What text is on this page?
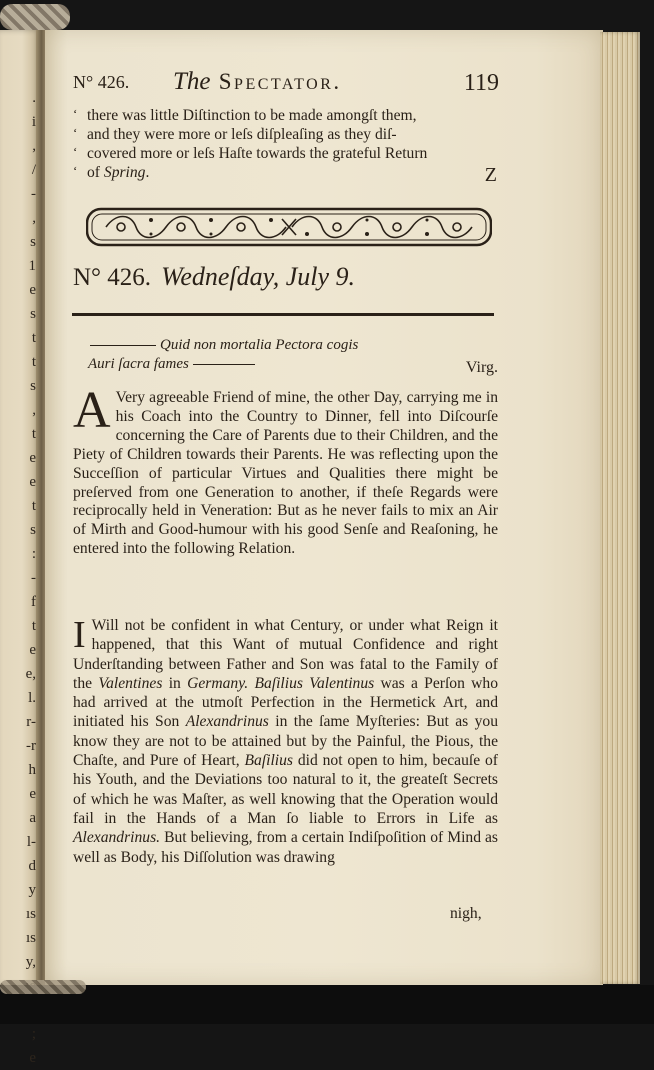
.
i
,
/
-
,
s
1
e
s
t
t
s
,
t
e
e
t
s
:
-
f
t
e
e,
l.
r-
-r
h
e
a
l-
d
y
ıs
ıs
y,
;
e
N° 426. The Spectator.	119
‘ there was little Diſtinction to be made amongſt them,
‘ and they were more or leſs diſpleaſing as they diſ-
‘ covered more or leſs Haſte towards the grateful Return
‘ of Spring.	Z
N° 426. Wedneſday, July 9.
Quid non mortalia Pectora cogis
Auri ſacra fames	Virg.
A Very agreeable Friend of mine, the other Day, carrying me in his Coach into the Country to Dinner, fell into Diſcourſe concerning the Care of Parents due to their Children, and the Piety of Children towards their Parents. He was reflecting upon the Succeſſion of particular Virtues and Qualities there might be preſerved from one Generation to another, if theſe Regards were reciprocally held in Veneration: But as he never fails to mix an Air of Mirth and Good-humour with his good Senſe and Reaſoning, he entered into the following Relation.
I Will not be confident in what Century, or under what Reign it happened, that this Want of mutual Confidence and right Underſtanding between Father and Son was fatal to the Family of the Valentines in Germany. Baſilius Valentinus was a Perſon who had arrived at the utmoſt Perfection in the Hermetick Art, and initiated his Son Alexandrinus in the ſame Myſteries: But as you know they are not to be attained but by the Painful, the Pious, the Chaſte, and Pure of Heart, Baſilius did not open to him, becauſe of his Youth, and the Deviations too natural to it, the greateſt Secrets of which he was Maſter, as well knowing that the Operation would fail in the Hands of a Man ſo liable to Errors in Life as Alexandrinus. But believing, from a certain Indiſpoſition of Mind as well as Body, his Diſſolution was drawing
nigh,
